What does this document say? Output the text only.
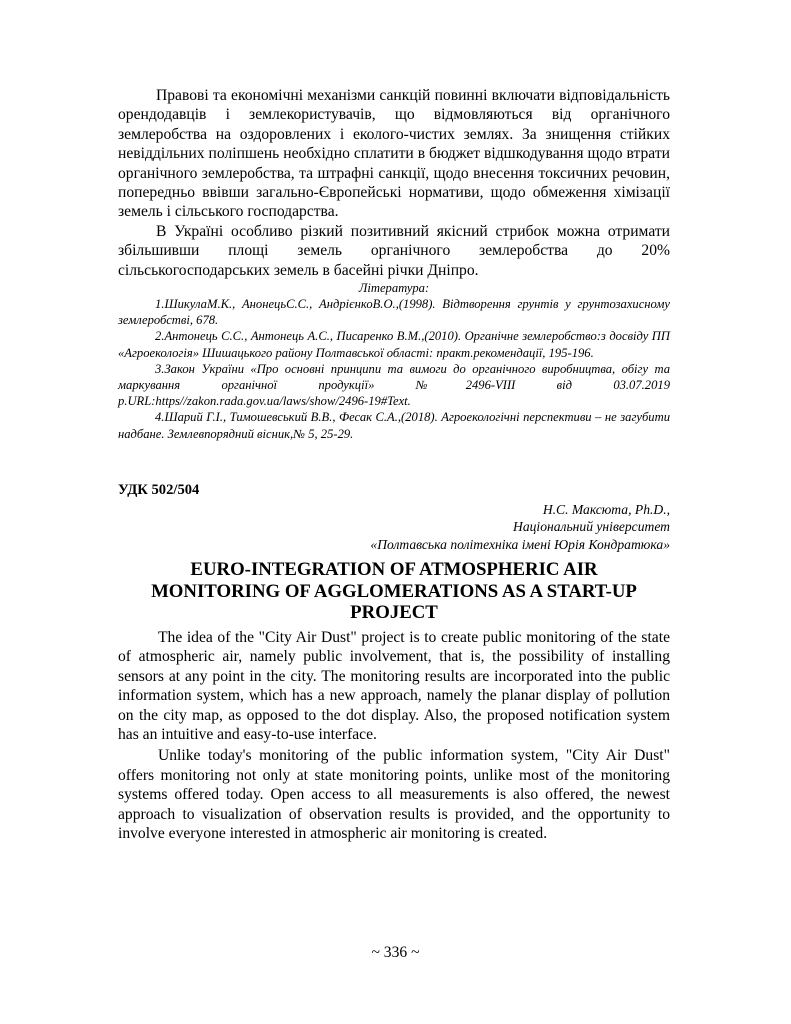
Правові та економічні механізми санкцій повинні включати відповідальність орендодавців і землекористувачів, що відмовляються від органічного землеробства на оздоровлених і еколого-чистих землях. За знищення стійких невіддільних поліпшень необхідно сплатити в бюджет відшкодування щодо втрати органічного землеробства, та штрафні санкції, щодо внесення токсичних речовин, попередньо ввівши загально-Європейські нормативи, щодо обмеження хімізації земель і сільського господарства.

В Україні особливо різкий позитивний якісний стрибок можна отримати збільшивши площі земель органічного землеробства до 20% сільськогосподарських земель в басейні річки Дніпро.

Література:

1.ШикулаМ.К., АнонецьС.С., АндрієнкоВ.О.,(1998). Відтворення грунтів у грунтозахисному землеробстві, 678.

2.Антонець С.С., Антонець А.С., Писаренко В.М.,(2010). Органічне землеробство:з досвіду ПП «Агроекологія» Шишацького району Полтавської області: практ.рекомендації, 195-196.

3.Закон України «Про основні принципи та вимоги до органічного виробництва, обігу та маркування органічної продукції» №2496-VIII від 03.07.2019 p.URL:https//zakon.rada.gov.ua/laws/show/2496-19#Text.

4.Шарий Г.І., Тимошевськuй В.В., Фесак С.А.,(2018). Агроекологічні перспективи – не загубити надбане. Землевпорядний вісник,№ 5, 25-29.

УДК 502/504

Н.С. Максюта, Ph.D.,
Національний університет
«Полтавська політехніка імені Юрія Кондратюка»

EURO-INTEGRATION OF ATMOSPHERIC AIR MONITORING OF AGGLOMERATIONS AS A START-UP PROJECT

The idea of the "City Air Dust" project is to create public monitoring of the state of atmospheric air, namely public involvement, that is, the possibility of installing sensors at any point in the city. The monitoring results are incorporated into the public information system, which has a new approach, namely the planar display of pollution on the city map, as opposed to the dot display. Also, the proposed notification system has an intuitive and easy-to-use interface.

Unlike today's monitoring of the public information system, "City Air Dust" offers monitoring not only at state monitoring points, unlike most of the monitoring systems offered today. Open access to all measurements is also offered, the newest approach to visualization of observation results is provided, and the opportunity to involve everyone interested in atmospheric air monitoring is created.

~ 336 ~
